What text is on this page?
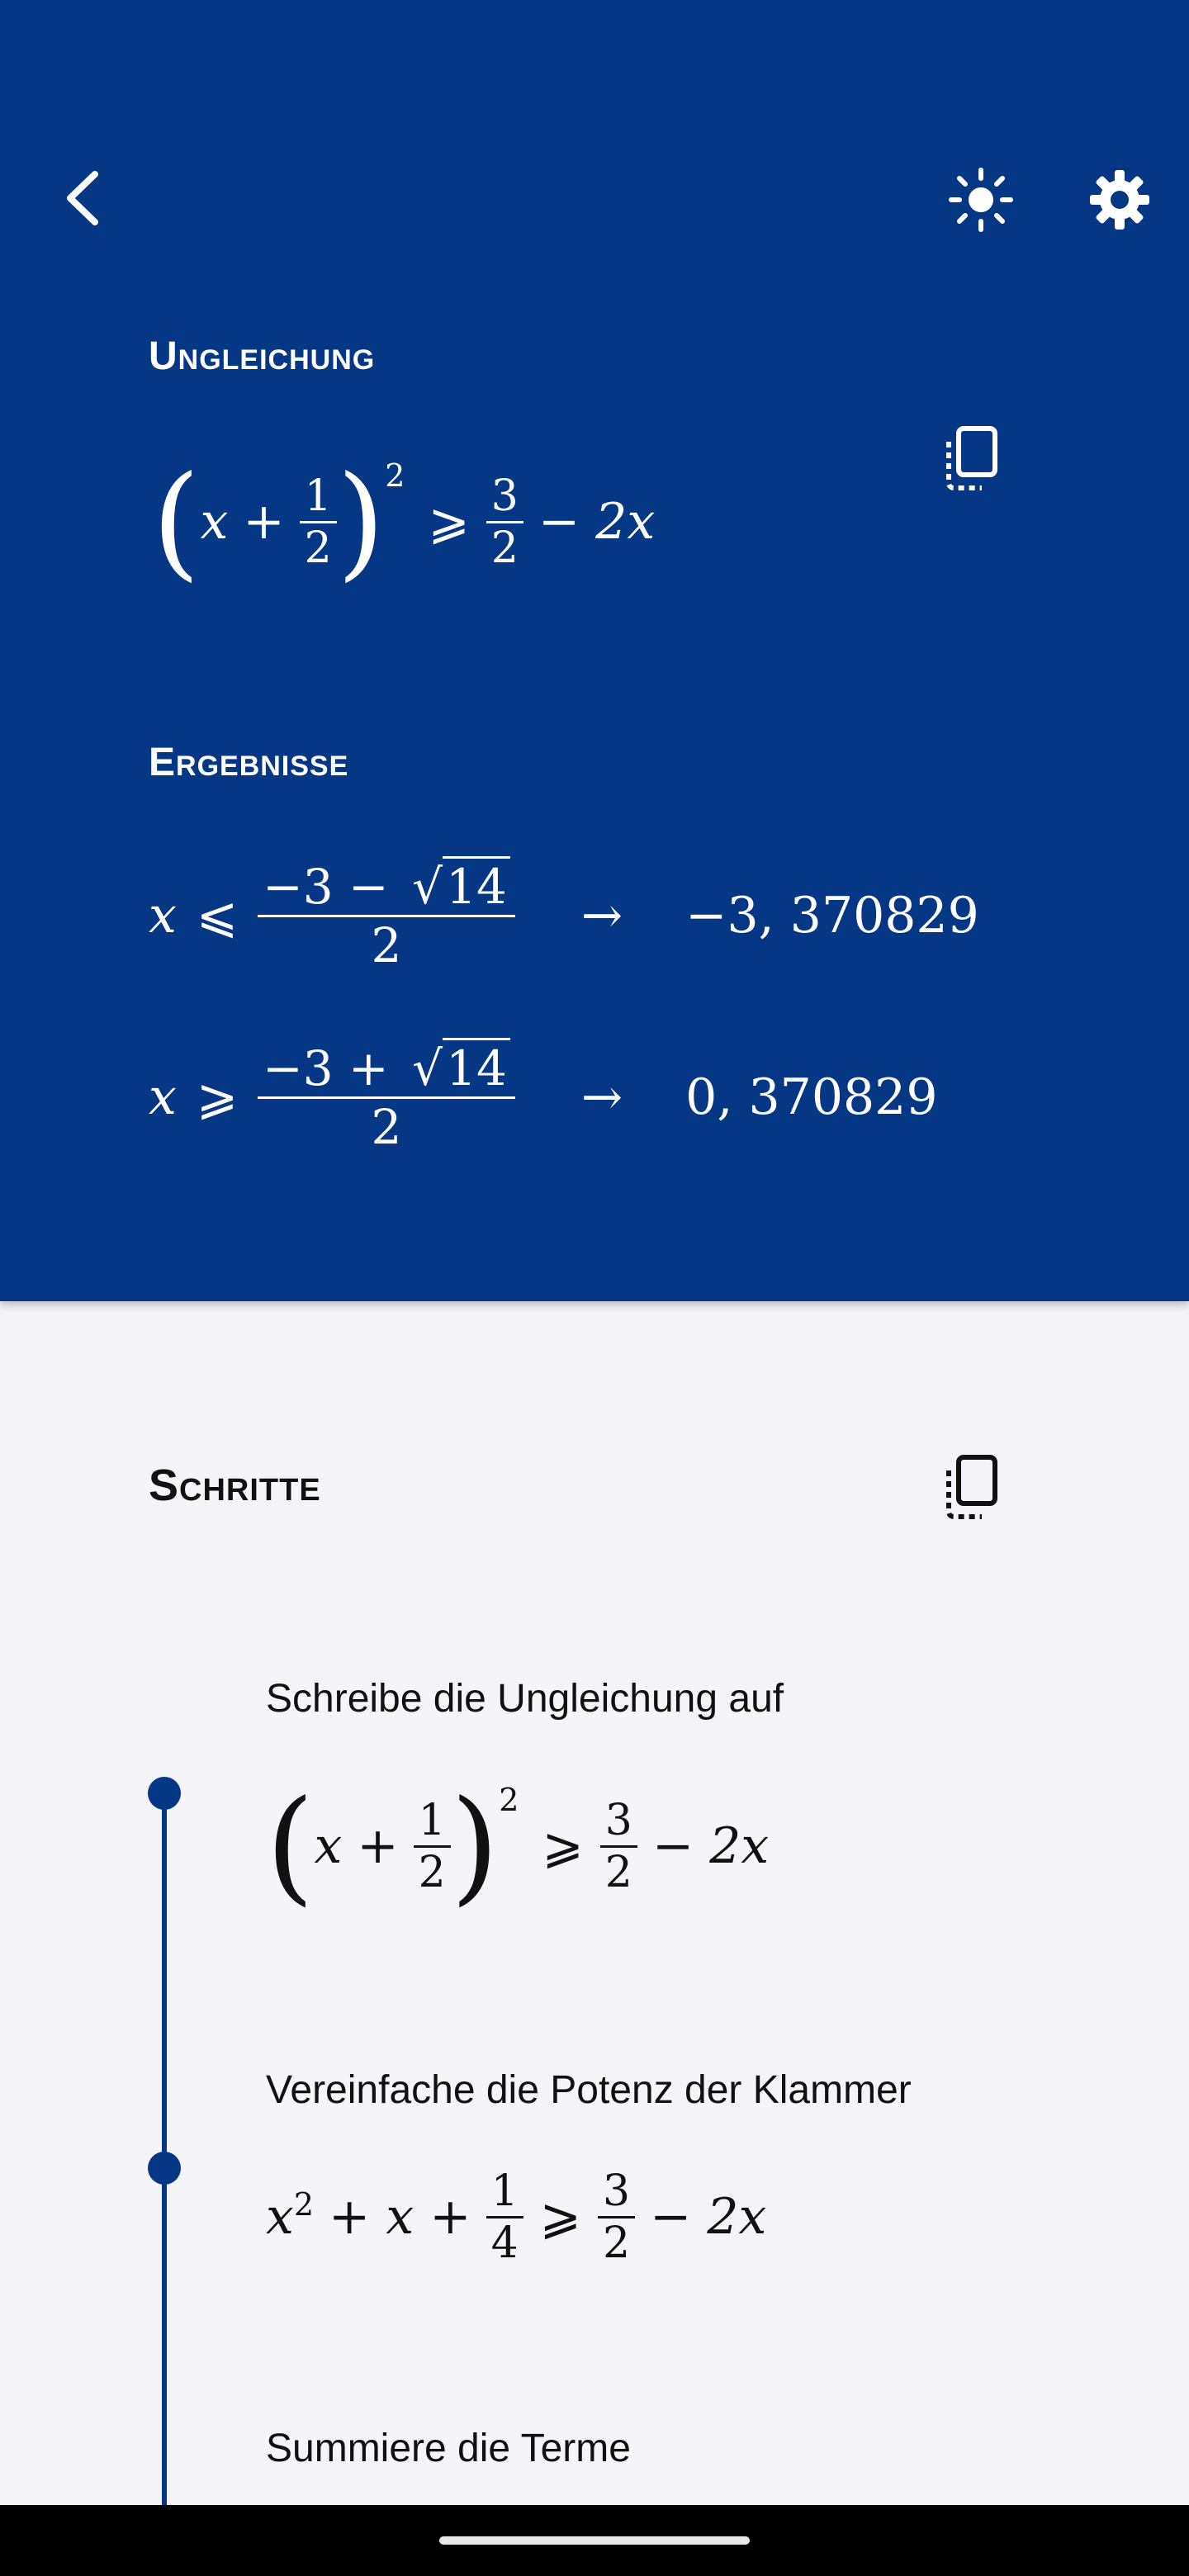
Ungleichung
( $x + \frac{1}{2}$ ) 2
⩾ $\frac{3}{2} - 2x$
Ergebnisse
x ⩽ $\frac{-3 - √14}{2} \to -3$, 370829
x ⩾ $\frac{-3 + √14}{2} \to 0$, 370829
Schritte
Schreibe die Ungleichung auf
( $x + \frac{1}{2}$ ) 2
⩾ $\frac{3}{2} - 2x$
Vereinfache die Potenz der Klammer
x $2 + x + \frac{1}{4}$ ⩾ $\frac{3}{2} - 2x$
Summiere die Terme
